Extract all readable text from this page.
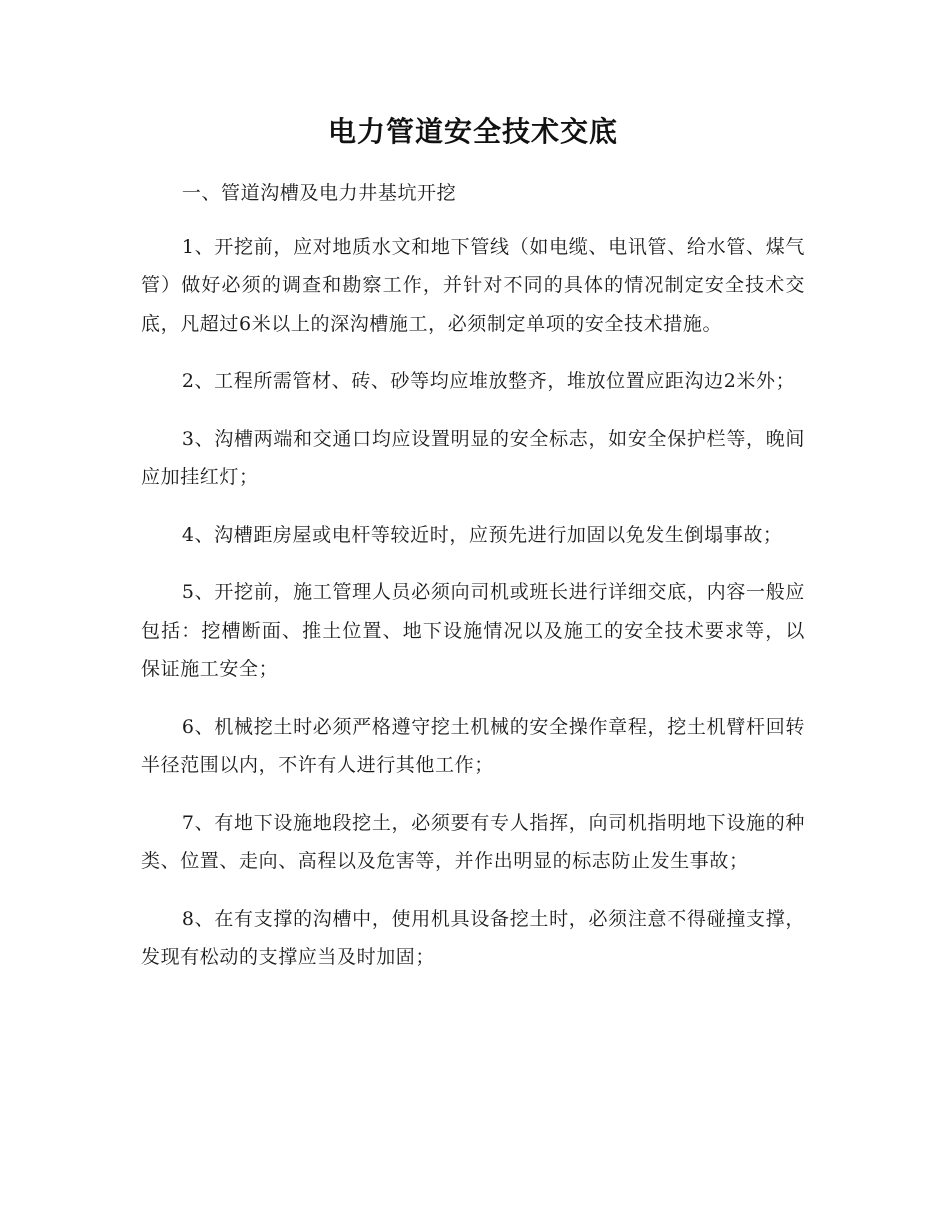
电力管道安全技术交底

一、管道沟槽及电力井基坑开挖

1、开挖前，应对地质水文和地下管线（如电缆、电讯管、给水管、煤气管）做好必须的调查和勘察工作，并针对不同的具体的情况制定安全技术交底，凡超过6米以上的深沟槽施工，必须制定单项的安全技术措施。

2、工程所需管材、砖、砂等均应堆放整齐，堆放位置应距沟边2米外；

3、沟槽两端和交通口均应设置明显的安全标志，如安全保护栏等，晚间应加挂红灯；

4、沟槽距房屋或电杆等较近时，应预先进行加固以免发生倒塌事故；

5、开挖前，施工管理人员必须向司机或班长进行详细交底，内容一般应包括：挖槽断面、推土位置、地下设施情况以及施工的安全技术要求等，以保证施工安全；

6、机械挖土时必须严格遵守挖土机械的安全操作章程，挖土机臂杆回转半径范围以内，不许有人进行其他工作；

7、有地下设施地段挖土，必须要有专人指挥，向司机指明地下设施的种类、位置、走向、高程以及危害等，并作出明显的标志防止发生事故；

8、在有支撑的沟槽中，使用机具设备挖土时，必须注意不得碰撞支撑，发现有松动的支撑应当及时加固；
